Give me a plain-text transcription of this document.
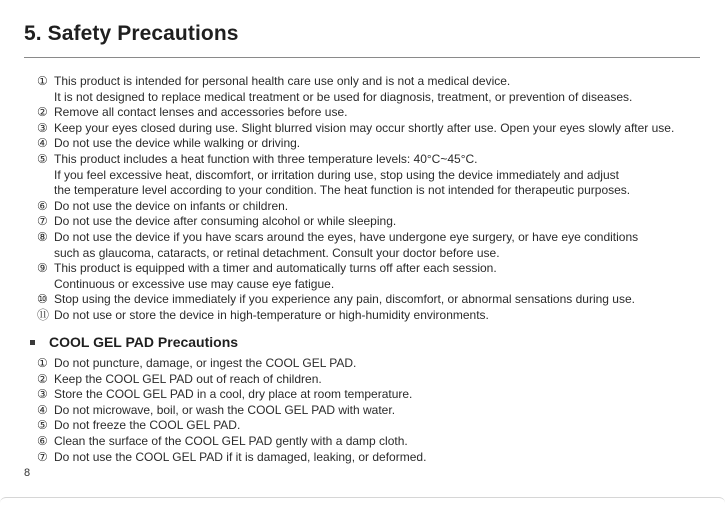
5. Safety Precautions
① This product is intended for personal health care use only and is not a medical device.
It is not designed to replace medical treatment or be used for diagnosis, treatment, or prevention of diseases.
② Remove all contact lenses and accessories before use.
③ Keep your eyes closed during use. Slight blurred vision may occur shortly after use. Open your eyes slowly after use.
④ Do not use the device while walking or driving.
⑤ This product includes a heat function with three temperature levels: 40°C~45°C.
If you feel excessive heat, discomfort, or irritation during use, stop using the device immediately and adjust
the temperature level according to your condition. The heat function is not intended for therapeutic purposes.
⑥ Do not use the device on infants or children.
⑦ Do not use the device after consuming alcohol or while sleeping.
⑧ Do not use the device if you have scars around the eyes, have undergone eye surgery, or have eye conditions
such as glaucoma, cataracts, or retinal detachment. Consult your doctor before use.
⑨ This product is equipped with a timer and automatically turns off after each session.
Continuous or excessive use may cause eye fatigue.
⑩ Stop using the device immediately if you experience any pain, discomfort, or abnormal sensations during use.
⑪ Do not use or store the device in high-temperature or high-humidity environments.
COOL GEL PAD Precautions
① Do not puncture, damage, or ingest the COOL GEL PAD.
② Keep the COOL GEL PAD out of reach of children.
③ Store the COOL GEL PAD in a cool, dry place at room temperature.
④ Do not microwave, boil, or wash the COOL GEL PAD with water.
⑤ Do not freeze the COOL GEL PAD.
⑥ Clean the surface of the COOL GEL PAD gently with a damp cloth.
⑦ Do not use the COOL GEL PAD if it is damaged, leaking, or deformed.
8
